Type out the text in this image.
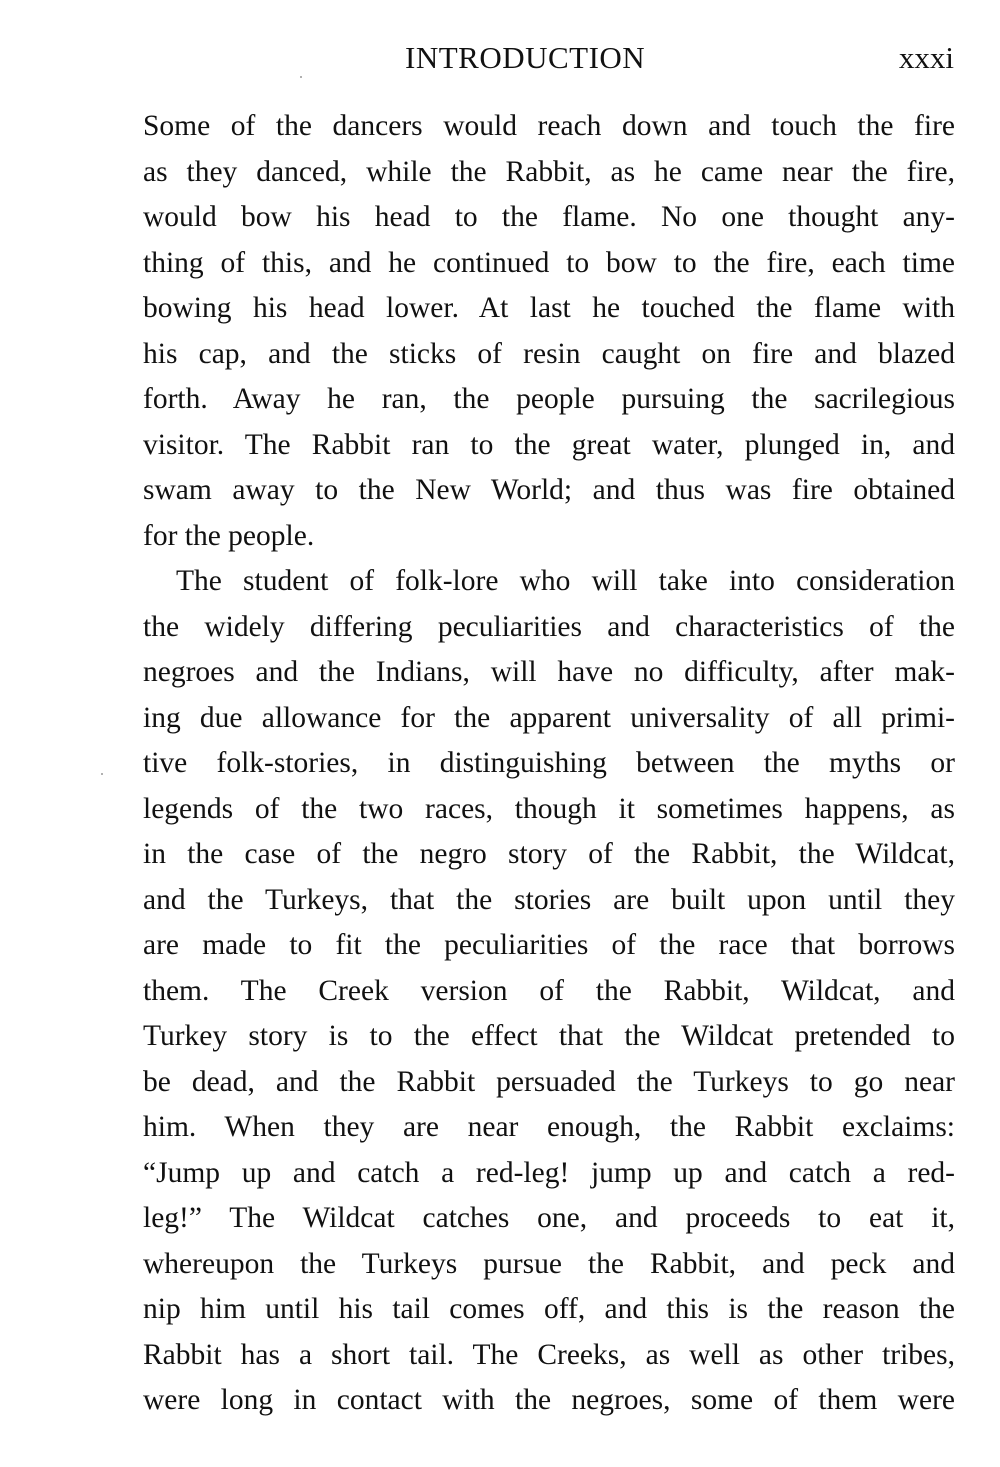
INTRODUCTION	xxxi
Some of the dancers would reach down and touch the fire
as they danced, while the Rabbit, as he came near the fire,
would bow his head to the flame. No one thought any-
thing of this, and he continued to bow to the fire, each time
bowing his head lower. At last he touched the flame with
his cap, and the sticks of resin caught on fire and blazed
forth. Away he ran, the people pursuing the sacrilegious
visitor. The Rabbit ran to the great water, plunged in, and
swam away to the New World; and thus was fire obtained
for the people.
The student of folk-lore who will take into consideration
the widely differing peculiarities and characteristics of the
negroes and the Indians, will have no difficulty, after mak-
ing due allowance for the apparent universality of all primi-
tive folk-stories, in distinguishing between the myths or
legends of the two races, though it sometimes happens, as
in the case of the negro story of the Rabbit, the Wildcat,
and the Turkeys, that the stories are built upon until they
are made to fit the peculiarities of the race that borrows
them. The Creek version of the Rabbit, Wildcat, and
Turkey story is to the effect that the Wildcat pretended to
be dead, and the Rabbit persuaded the Turkeys to go near
him. When they are near enough, the Rabbit exclaims:
“Jump up and catch a red-leg! jump up and catch a red-
leg!” The Wildcat catches one, and proceeds to eat it,
whereupon the Turkeys pursue the Rabbit, and peck and
nip him until his tail comes off, and this is the reason the
Rabbit has a short tail. The Creeks, as well as other tribes,
were long in contact with the negroes, some of them were
